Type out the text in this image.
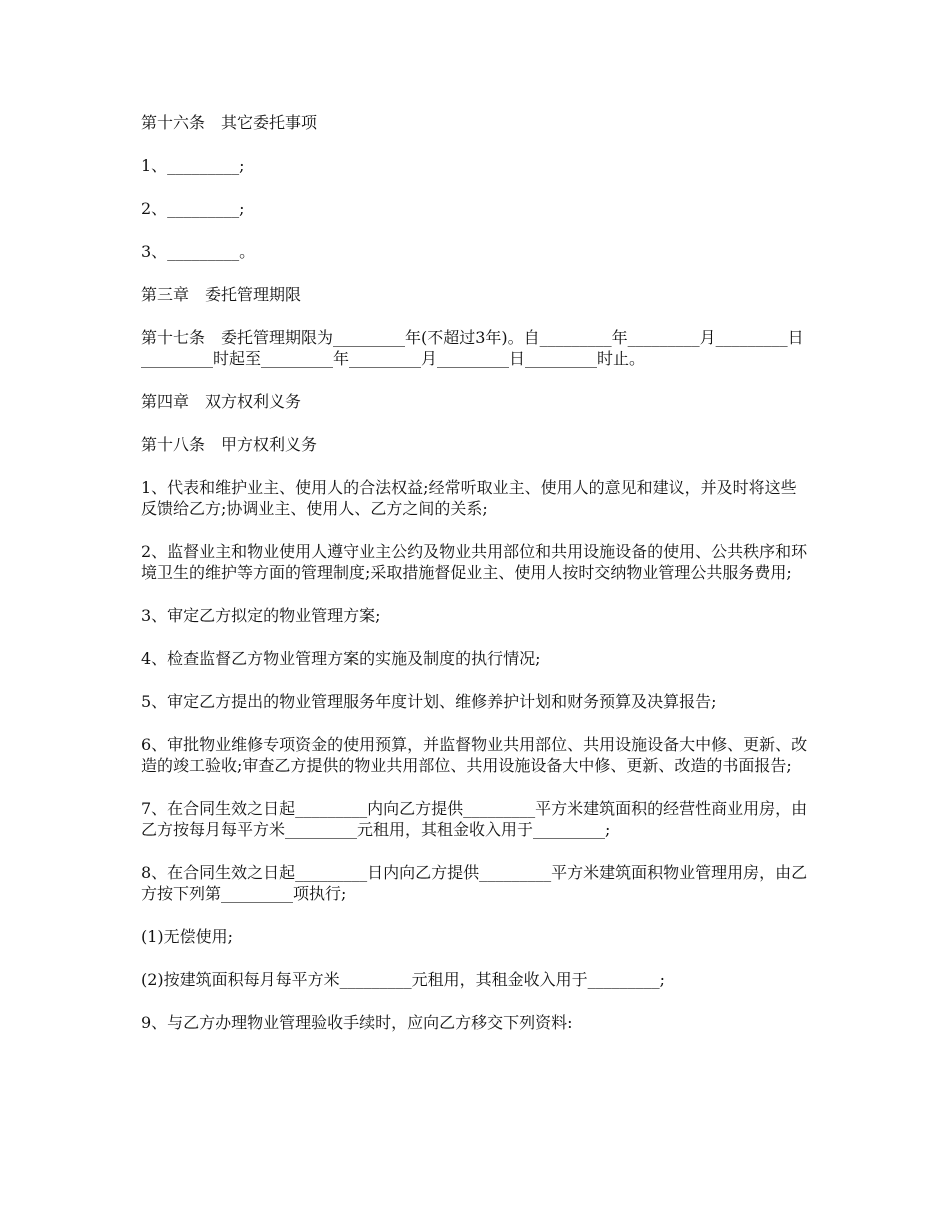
第十六条　其它委托事项

1、_________;

2、_________;

3、_________。

第三章　委托管理期限

第十七条　委托管理期限为_________年(不超过3年)。自_________年_________月_________日_________时起至_________年_________月_________日_________时止。

第四章　双方权利义务

第十八条　甲方权利义务

1、代表和维护业主、使用人的合法权益;经常听取业主、使用人的意见和建议，并及时将这些反馈给乙方;协调业主、使用人、乙方之间的关系;

2、监督业主和物业使用人遵守业主公约及物业共用部位和共用设施设备的使用、公共秩序和环境卫生的维护等方面的管理制度;采取措施督促业主、使用人按时交纳物业管理公共服务费用;

3、审定乙方拟定的物业管理方案;

4、检查监督乙方物业管理方案的实施及制度的执行情况;

5、审定乙方提出的物业管理服务年度计划、维修养护计划和财务预算及决算报告;

6、审批物业维修专项资金的使用预算，并监督物业共用部位、共用设施设备大中修、更新、改造的竣工验收;审查乙方提供的物业共用部位、共用设施设备大中修、更新、改造的书面报告;

7、在合同生效之日起_________内向乙方提供_________平方米建筑面积的经营性商业用房，由乙方按每月每平方米_________元租用，其租金收入用于_________;

8、在合同生效之日起_________日内向乙方提供_________平方米建筑面积物业管理用房，由乙方按下列第_________项执行;

(1)无偿使用;

(2)按建筑面积每月每平方米_________元租用，其租金收入用于_________;

9、与乙方办理物业管理验收手续时，应向乙方移交下列资料:
